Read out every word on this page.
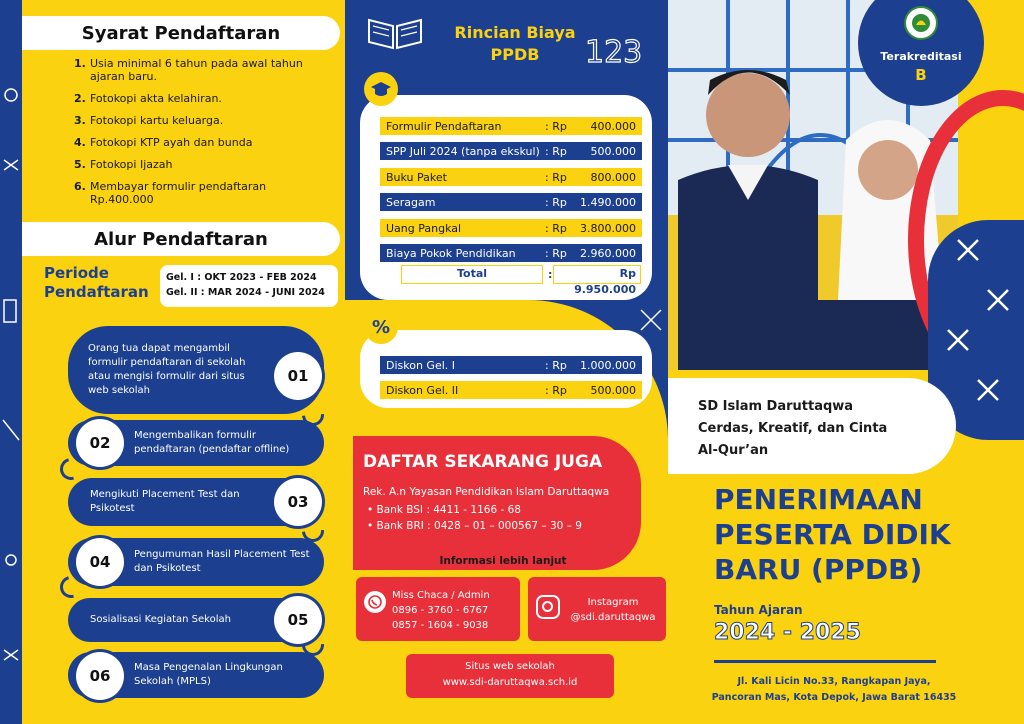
Syarat Pendaftaran
1. Usia minimal 6 tahun pada awal tahun ajaran baru.
2. Fotokopi akta kelahiran.
3. Fotokopi kartu keluarga.
4. Fotokopi KTP ayah dan bunda
5. Fotokopi Ijazah
6. Membayar formulir pendaftaran Rp.400.000
Alur Pendaftaran
Periode Pendaftaran
Gel. I : OKT 2023 - FEB 2024
Gel. II : MAR 2024 - JUNI 2024
Orang tua dapat mengambil formulir pendaftaran di sekolah atau mengisi formulir dari situs web sekolah
01
Mengembalikan formulir pendaftaran (pendaftar offline)
02
Mengikuti Placement Test dan Psikotest	03
Pengumuman Hasil Placement Test dan Psikotest
04
Sosialisasi Kegiatan Sekolah	05
Masa Pengenalan Lingkungan Sekolah (MPLS)
06
Rincian Biaya PPDB	123
Formulir Pendaftaran	: Rp	400.000
SPP Juli 2024 (tanpa ekskul) : Rp	500.000
Buku Paket	: Rp	800.000
Seragam	: Rp	1.490.000
Uang Pangkal	: Rp	3.800.000
Biaya Pokok Pendidikan	: Rp	2.960.000
Total	:	Rp 9.950.000
%
Diskon Gel. I	: Rp	1.000.000
Diskon Gel. II	: Rp	500.000
DAFTAR SEKARANG JUGA
Rek. A.n Yayasan Pendidikan Islam Daruttaqwa
• Bank BSI : 4411 - 1166 - 68
• Bank BRI : 0428 – 01 – 000567 – 30 – 9
Informasi lebih lanjut
Miss Chaca / Admin
0896 - 3760 - 6767
0857 - 1604 - 9038
Instagram
@sdi.daruttaqwa
Situs web sekolah
www.sdi-daruttaqwa.sch.id
Terakreditasi
B
SD Islam Daruttaqwa
Cerdas, Kreatif, dan Cinta
Al-Qur’an
PENERIMAAN
PESERTA DIDIK
BARU (PPDB)
Tahun Ajaran
2024 - 2025
Jl. Kali Licin No.33, Rangkapan Jaya,
Pancoran Mas, Kota Depok, Jawa Barat 16435
